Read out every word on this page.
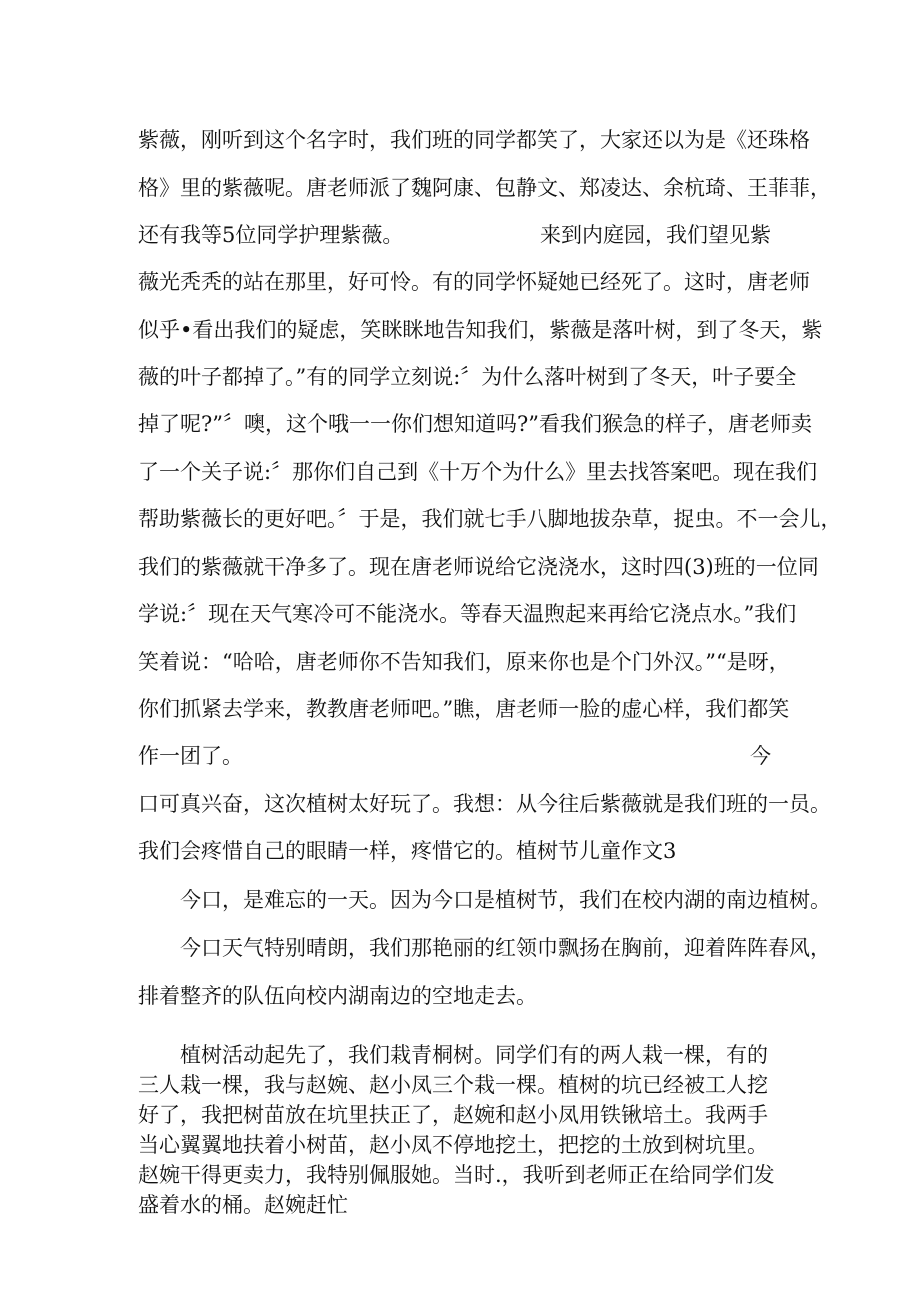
紫薇，刚听到这个名字时，我们班的同学都笑了，大家还以为是《还珠格
格》里的紫薇呢。唐老师派了魏阿康、包静文、郑凌达、余杭琦、王菲菲，
还有我等5位同学护理紫薇。	来到内庭园，我们望见紫
薇光秃秃的站在那里，好可怜。有的同学怀疑她已经死了。这时，唐老师
似乎•看出我们的疑虑，笑眯眯地告知我们，紫薇是落叶树，到了冬天，紫
薇的叶子都掉了。”有的同学立刻说:〞为什么落叶树到了冬天，叶子要全
掉了呢?”〞噢，这个哦一一你们想知道吗?”看我们猴急的样子，唐老师卖
了一个关子说:〞那你们自己到《十万个为什么》里去找答案吧。现在我们
帮助紫薇长的更好吧。〞于是，我们就七手八脚地拔杂草，捉虫。不一会儿，
我们的紫薇就干净多了。现在唐老师说给它浇浇水，这时四(3)班的一位同
学说:〞现在天气寒冷可不能浇水。等春天温煦起来再给它浇点水。”我们
笑着说：“哈哈，唐老师你不告知我们，原来你也是个门外汉。”“是呀，
你们抓紧去学来，教教唐老师吧。”瞧，唐老师一脸的虚心样，我们都笑
作一团了。	今
口可真兴奋，这次植树太好玩了。我想：从今往后紫薇就是我们班的一员。
我们会疼惜自己的眼睛一样，疼惜它的。植树节儿童作文3
今口，是难忘的一天。因为今口是植树节，我们在校内湖的南边植树。
今口天气特别晴朗，我们那艳丽的红领巾飘扬在胸前，迎着阵阵春风，
排着整齐的队伍向校内湖南边的空地走去。

植树活动起先了，我们栽青桐树。同学们有的两人栽一棵，有的三人栽一棵，我与赵婉、赵小凤三个栽一棵。植树的坑已经被工人挖好了，我把树苗放在坑里扶正了，赵婉和赵小凤用铁锹培土。我两手当心翼翼地扶着小树苗，赵小凤不停地挖土，把挖的土放到树坑里。赵婉干得更卖力，我特别佩服她。当时.，我听到老师正在给同学们发盛着水的桶。赵婉赶忙
